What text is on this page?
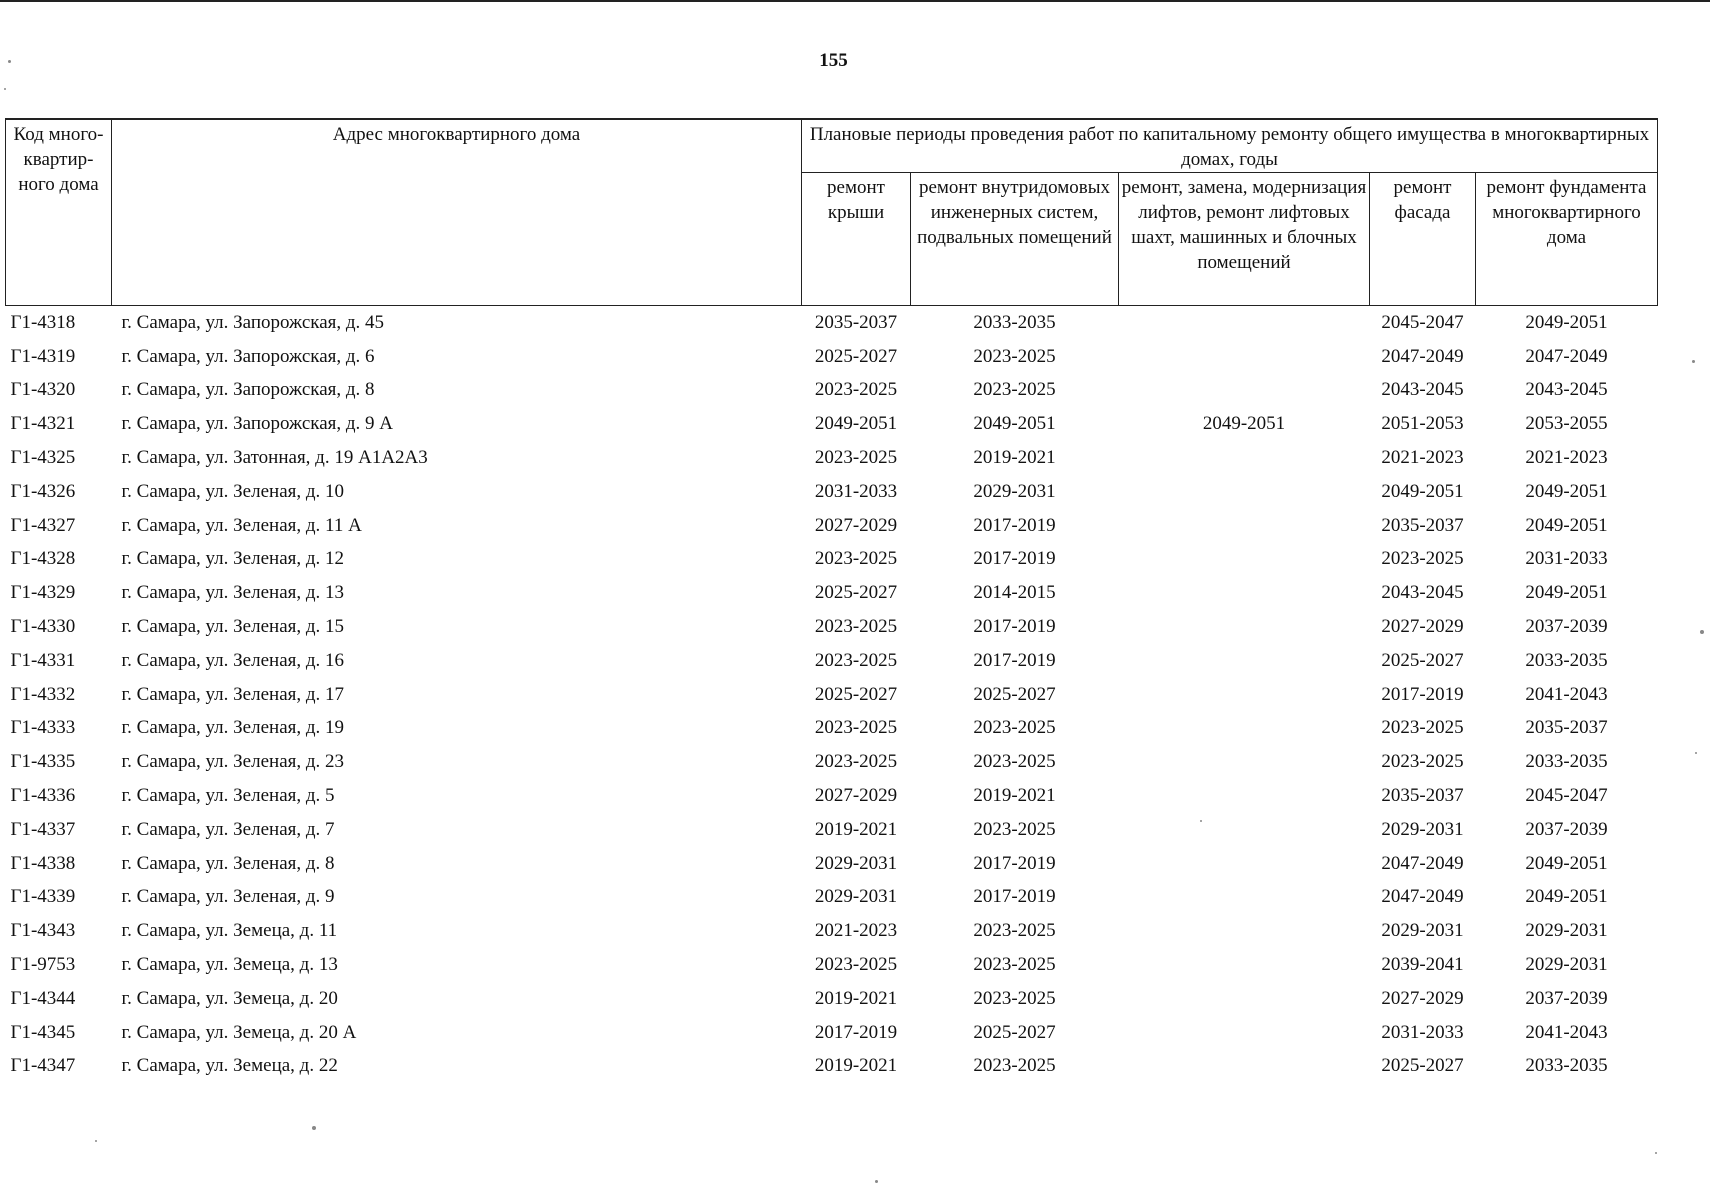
155
Код много-квартир-ного дома	Адрес многоквартирного дома	Плановые периоды проведения работ по капитальному ремонту общего имущества в многоквартирных домах, годы				
		ремонт крыши	ремонт внутридомовых инженерных систем, подвальных помещений	ремонт, замена, модернизация лифтов, ремонт лифтовых шахт, машинных и блочных помещений	ремонт фасада	ремонт фундамента многоквартирного дома
Г1-4318	г. Самара, ул. Запорожская, д. 45	2035-2037	2033-2035		2045-2047	2049-2051
Г1-4319	г. Самара, ул. Запорожская, д. 6	2025-2027	2023-2025		2047-2049	2047-2049
Г1-4320	г. Самара, ул. Запорожская, д. 8	2023-2025	2023-2025		2043-2045	2043-2045
Г1-4321	г. Самара, ул. Запорожская, д. 9 А	2049-2051	2049-2051	2049-2051	2051-2053	2053-2055
Г1-4325	г. Самара, ул. Затонная, д. 19 А1А2А3	2023-2025	2019-2021		2021-2023	2021-2023
Г1-4326	г. Самара, ул. Зеленая, д. 10	2031-2033	2029-2031		2049-2051	2049-2051
Г1-4327	г. Самара, ул. Зеленая, д. 11 А	2027-2029	2017-2019		2035-2037	2049-2051
Г1-4328	г. Самара, ул. Зеленая, д. 12	2023-2025	2017-2019		2023-2025	2031-2033
Г1-4329	г. Самара, ул. Зеленая, д. 13	2025-2027	2014-2015		2043-2045	2049-2051
Г1-4330	г. Самара, ул. Зеленая, д. 15	2023-2025	2017-2019		2027-2029	2037-2039
Г1-4331	г. Самара, ул. Зеленая, д. 16	2023-2025	2017-2019		2025-2027	2033-2035
Г1-4332	г. Самара, ул. Зеленая, д. 17	2025-2027	2025-2027		2017-2019	2041-2043
Г1-4333	г. Самара, ул. Зеленая, д. 19	2023-2025	2023-2025		2023-2025	2035-2037
Г1-4335	г. Самара, ул. Зеленая, д. 23	2023-2025	2023-2025		2023-2025	2033-2035
Г1-4336	г. Самара, ул. Зеленая, д. 5	2027-2029	2019-2021		2035-2037	2045-2047
Г1-4337	г. Самара, ул. Зеленая, д. 7	2019-2021	2023-2025		2029-2031	2037-2039
Г1-4338	г. Самара, ул. Зеленая, д. 8	2029-2031	2017-2019		2047-2049	2049-2051
Г1-4339	г. Самара, ул. Зеленая, д. 9	2029-2031	2017-2019		2047-2049	2049-2051
Г1-4343	г. Самара, ул. Земеца, д. 11	2021-2023	2023-2025		2029-2031	2029-2031
Г1-9753	г. Самара, ул. Земеца, д. 13	2023-2025	2023-2025		2039-2041	2029-2031
Г1-4344	г. Самара, ул. Земеца, д. 20	2019-2021	2023-2025		2027-2029	2037-2039
Г1-4345	г. Самара, ул. Земеца, д. 20 А	2017-2019	2025-2027		2031-2033	2041-2043
Г1-4347	г. Самара, ул. Земеца, д. 22	2019-2021	2023-2025		2025-2027	2033-2035
